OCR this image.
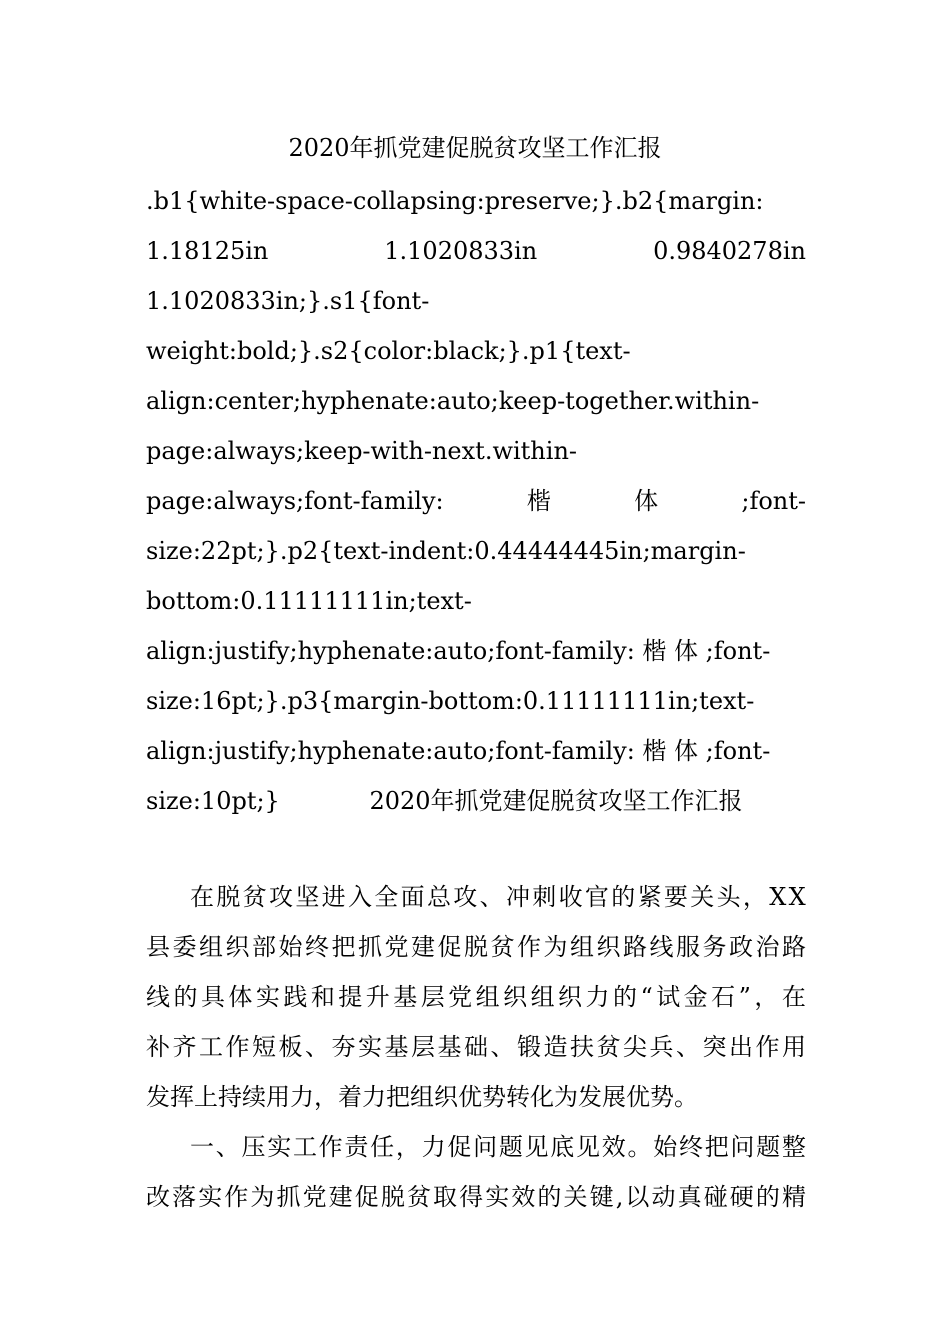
2020年抓党建促脱贫攻坚工作汇报
.b1{white-space-collapsing:preserve;}.b2{margin:
1.18125in	1.1020833in	0.9840278in
1.1020833in;}.s1{font-
weight:bold;}.s2{color:black;}.p1{text-
align:center;hyphenate:auto;keep-together.within-
page:always;keep-with-next.within-
page:always;font-family:	楷	体	;font-
size:22pt;}.p2{text-indent:0.44444445in;margin-
bottom:0.11111111in;text-
align:justify;hyphenate:auto;font-family: 楷 体 ;font-
size:16pt;}.p3{margin-bottom:0.11111111in;text-
align:justify;hyphenate:auto;font-family: 楷 体 ;font-
size:10pt;}	2020年抓党建促脱贫攻坚工作汇报
在 脱 贫 攻 坚 进 入 全 面 总 攻 、 冲 刺 收 官 的 紧 要 关 头 ， X X
县 委 组 织 部 始 终 把 抓 党 建 促 脱 贫 作 为 组 织 路 线 服 务 政 治 路
线 的 具 体 实 践 和 提 升 基 层 党 组 织 组 织 力 的 “ 试 金 石 ” ， 在
补 齐 工 作 短 板 、 夯 实 基 层 基 础 、 锻 造 扶 贫 尖 兵 、 突 出 作 用
发挥上持续用力，着力把组织优势转化为发展优势。
一 、 压 实 工 作 责 任 ， 力 促 问 题 见 底 见 效 。 始 终 把 问 题 整
改 落 实 作 为 抓 党 建 促 脱 贫 取 得 实 效 的 关 键 , 以 动 真 碰 硬 的 精
